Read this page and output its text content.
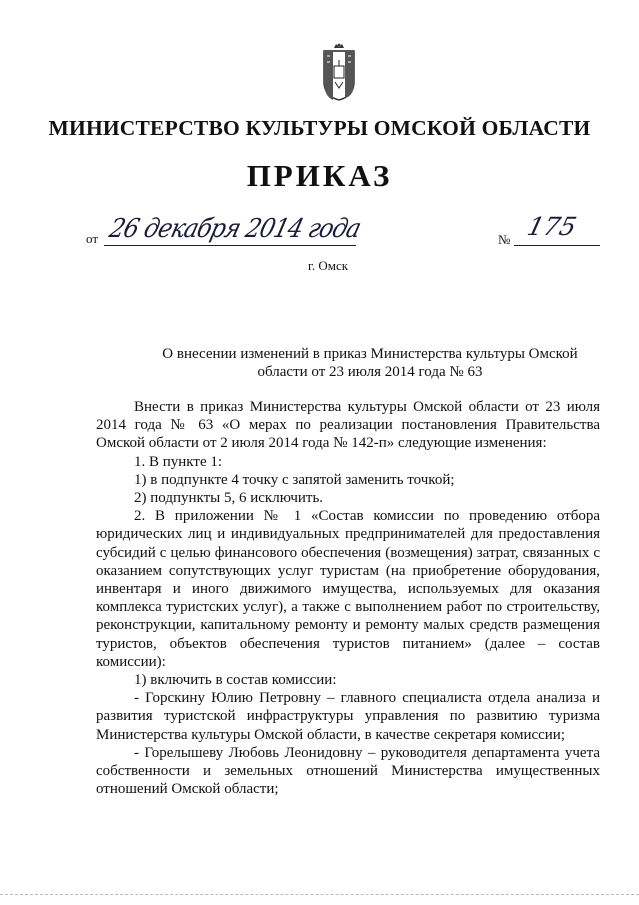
МИНИСТЕРСТВО КУЛЬТУРЫ ОМСКОЙ ОБЛАСТИ
ПРИКАЗ
от 26 декабря 2014 года	№ 175
г. Омск
О внесении изменений в приказ Министерства культуры Омской области от 23 июля 2014 года № 63

Внести в приказ Министерства культуры Омской области от 23 июля 2014 года № 63 «О мерах по реализации постановления Правительства Омской области от 2 июля 2014 года № 142-п» следующие изменения:

1. В пункте 1:

1) в подпункте 4 точку с запятой заменить точкой;

2) подпункты 5, 6 исключить.

2. В приложении № 1 «Состав комиссии по проведению отбора юридических лиц и индивидуальных предпринимателей для предоставления субсидий с целью финансового обеспечения (возмещения) затрат, связанных с оказанием сопутствующих услуг туристам (на приобретение оборудования, инвентаря и иного движимого имущества, используемых для оказания комплекса туристских услуг), а также с выполнением работ по строительству, реконструкции, капитальному ремонту и ремонту малых средств размещения туристов, объектов обеспечения туристов питанием» (далее – состав комиссии):

1) включить в состав комиссии:

- Горскину Юлию Петровну – главного специалиста отдела анализа и развития туристской инфраструктуры управления по развитию туризма Министерства культуры Омской области, в качестве секретаря комиссии;

- Горелышеву Любовь Леонидовну – руководителя департамента учета собственности и земельных отношений Министерства имущественных отношений Омской области;
